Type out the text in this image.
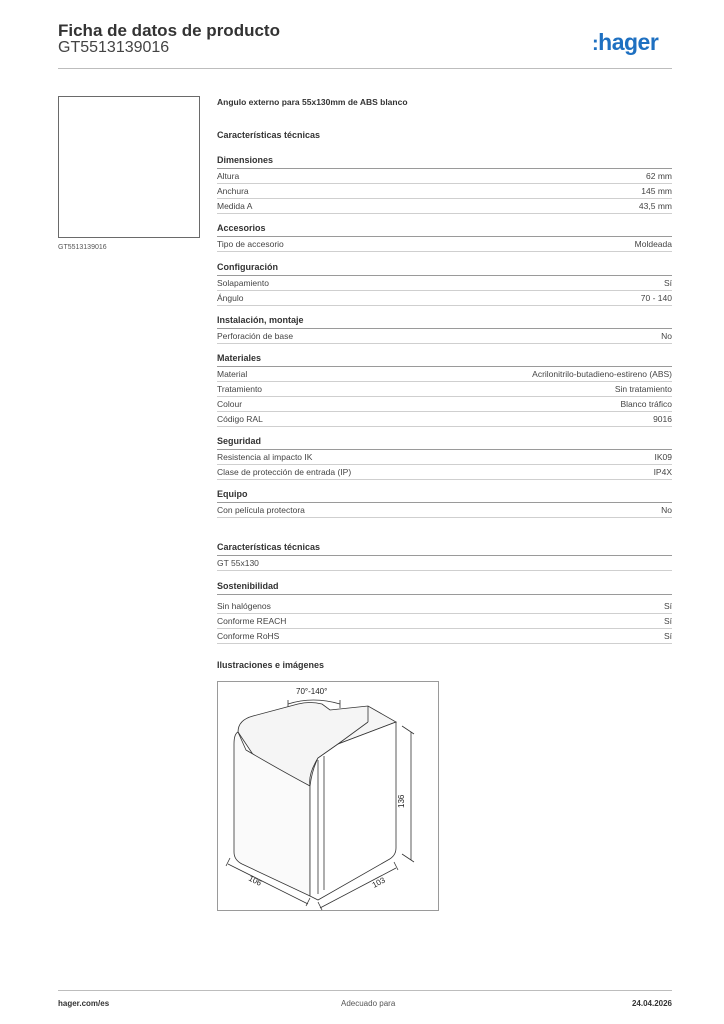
Ficha de datos de producto
GT5513139016	:hager
GT5513139016
Angulo externo para 55x130mm de ABS blanco
Características técnicas
Dimensiones
Altura	62 mm
Anchura	145 mm
Medida A	43,5 mm
Accesorios
Tipo de accesorio	Moldeada
Configuración
Solapamiento	Sí
Ángulo	70 - 140
Instalación, montaje
Perforación de base	No
Materiales
Material	Acrilonitrilo-butadieno-estireno (ABS)
Tratamiento	Sin tratamiento
Colour	Blanco tráfico
Código RAL	9016
Seguridad
Resistencia al impacto IK	IK09
Clase de protección de entrada (IP)	IP4X
Equipo
Con película protectora	No
Características técnicas
GT 55x130
Sostenibilidad
Sin halógenos	Sí
Conforme REACH	Sí
Conforme RoHS	Sí
Ilustraciones e imágenes
70°-140°
136
106	103
hager.com/es	Adecuado para	24.04.2026
